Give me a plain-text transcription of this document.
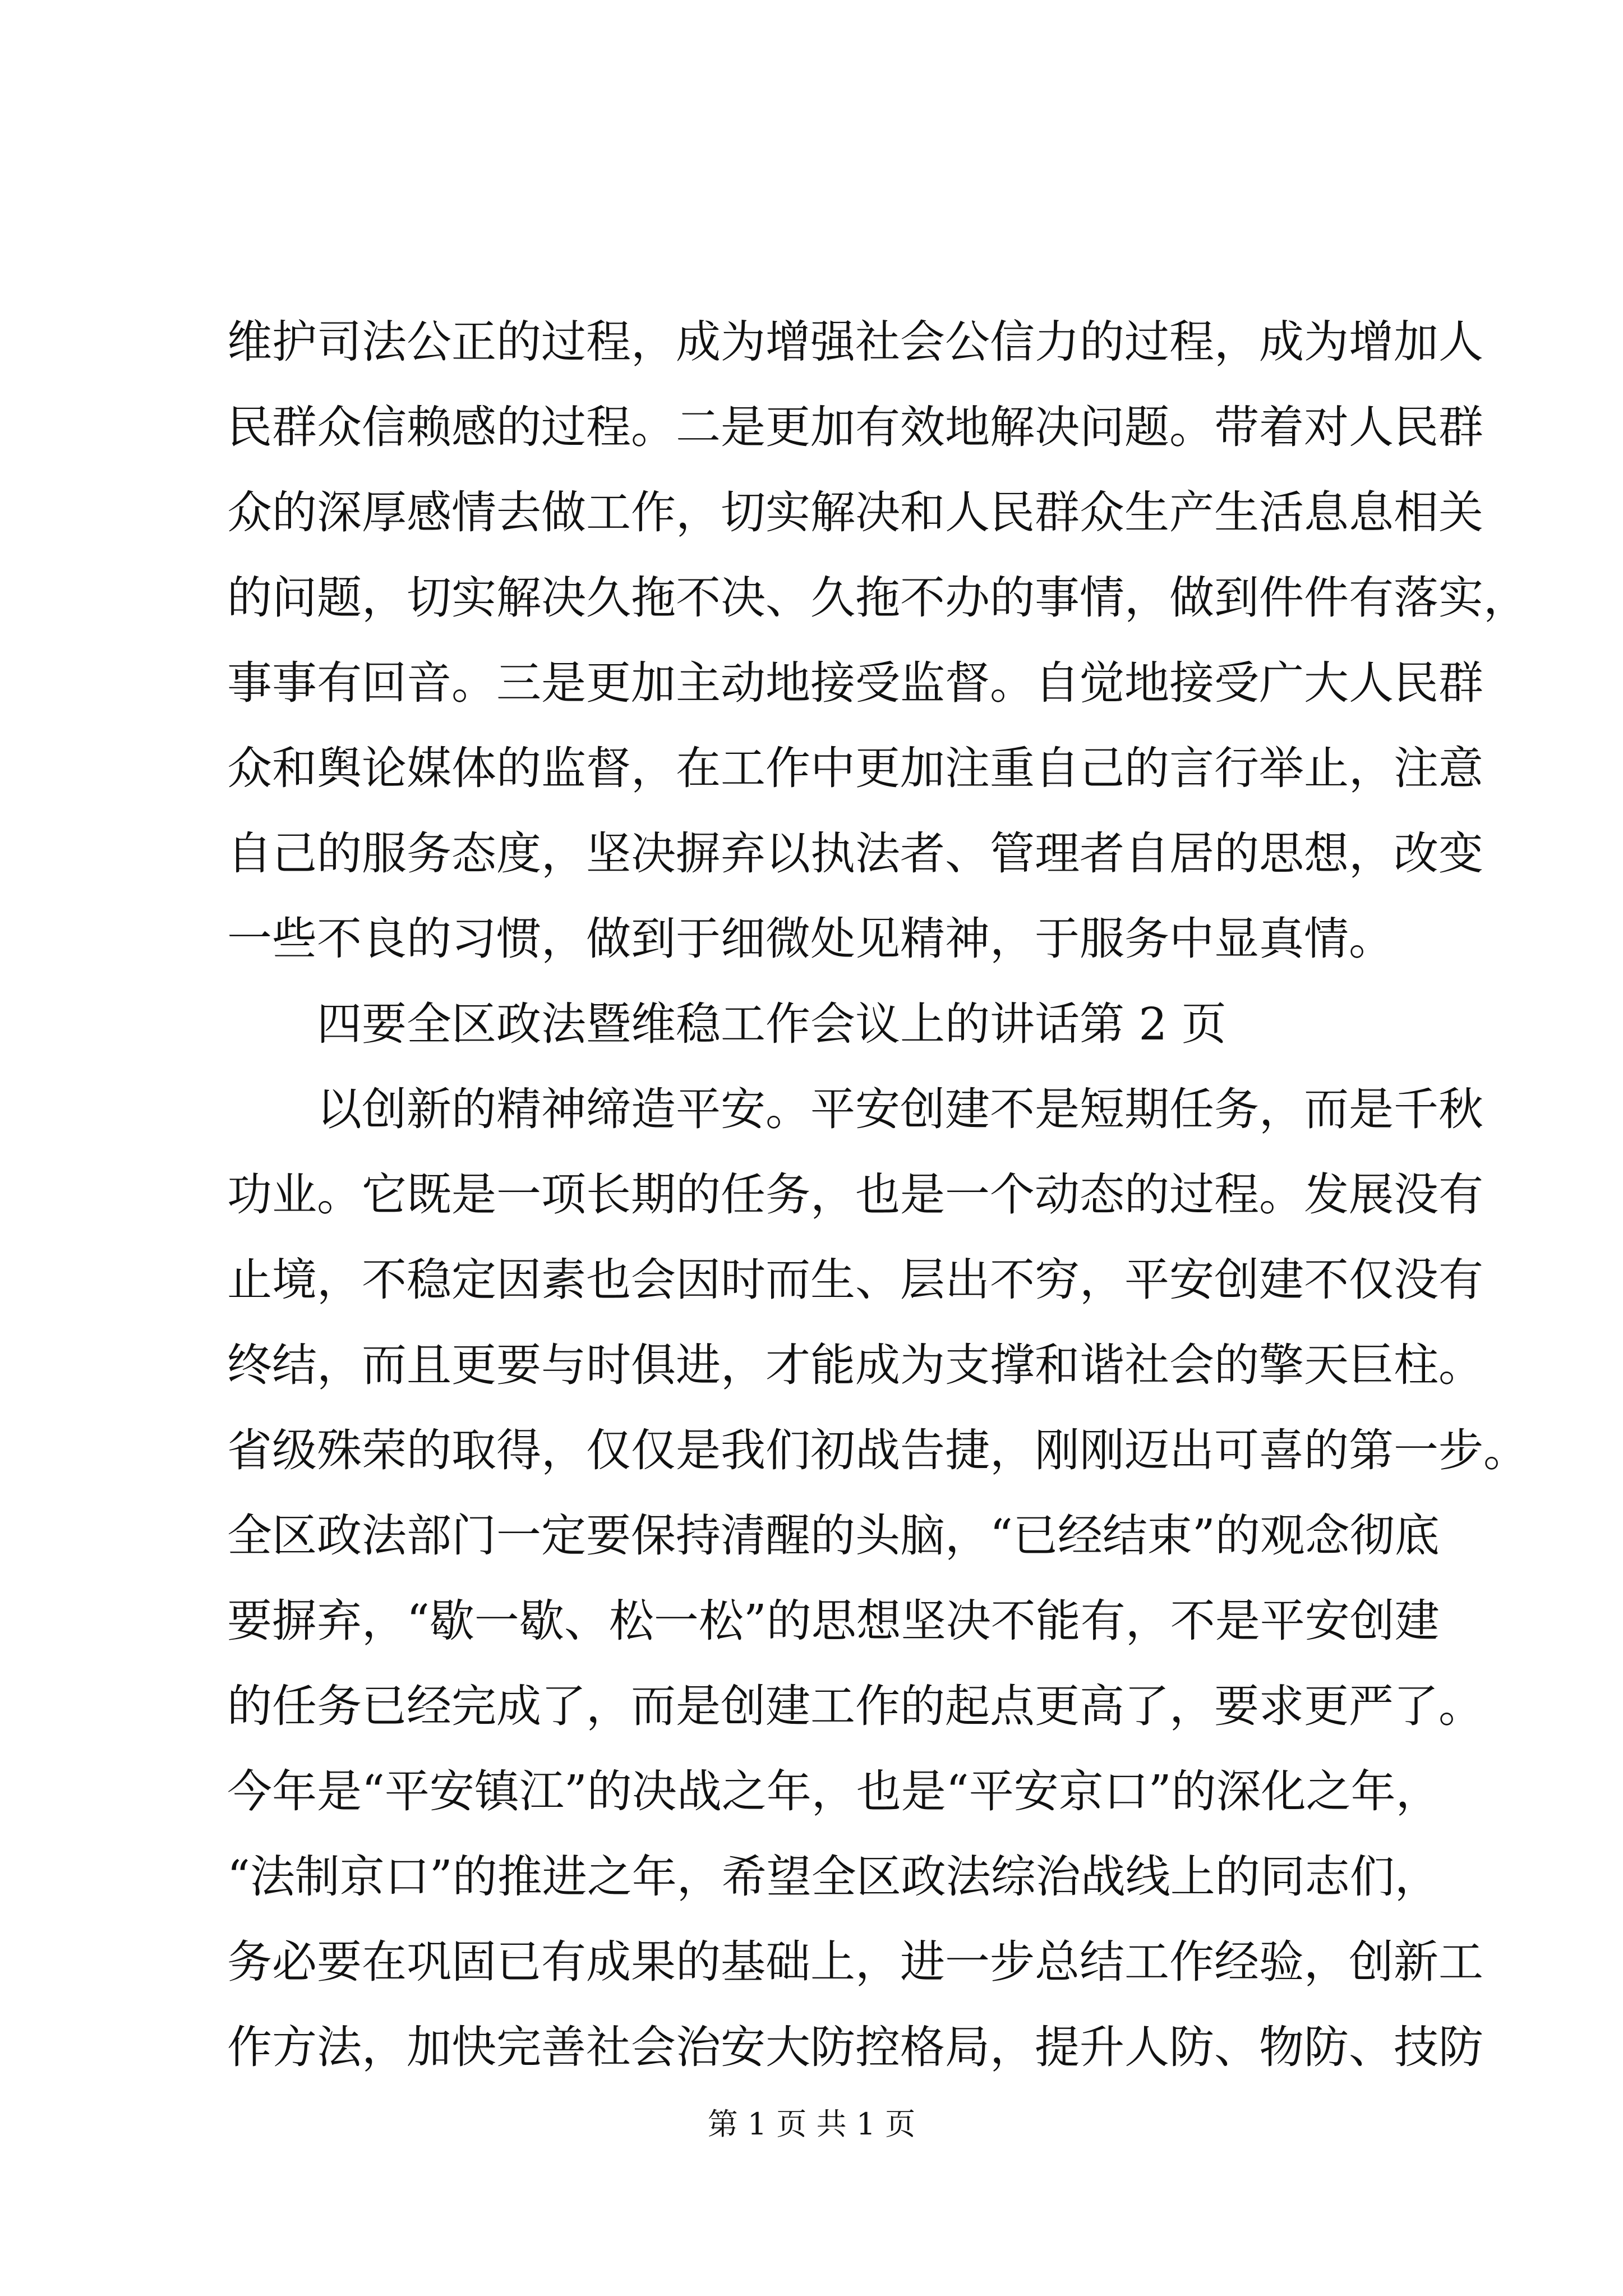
维护司法公正的过程，成为增强社会公信力的过程，成为增加人
民群众信赖感的过程。二是更加有效地解决问题。带着对人民群
众的深厚感情去做工作，切实解决和人民群众生产生活息息相关
的问题，切实解决久拖不决、久拖不办的事情，做到件件有落实，
事事有回音。三是更加主动地接受监督。自觉地接受广大人民群
众和舆论媒体的监督，在工作中更加注重自己的言行举止，注意
自己的服务态度，坚决摒弃以执法者、管理者自居的思想，改变
一些不良的习惯，做到于细微处见精神，于服务中显真情。
四要全区政法暨维稳工作会议上的讲话第 2 页
以创新的精神缔造平安。平安创建不是短期任务，而是千秋
功业。它既是一项长期的任务，也是一个动态的过程。发展没有
止境，不稳定因素也会因时而生、层出不穷，平安创建不仅没有
终结，而且更要与时俱进，才能成为支撑和谐社会的擎天巨柱。
省级殊荣的取得，仅仅是我们初战告捷，刚刚迈出可喜的第一步。
全区政法部门一定要保持清醒的头脑，“已经结束”的观念彻底
要摒弃，“歇一歇、松一松”的思想坚决不能有，不是平安创建
的任务已经完成了，而是创建工作的起点更高了，要求更严了。
今年是“平安镇江”的决战之年，也是“平安京口”的深化之年，
“法制京口”的推进之年，希望全区政法综治战线上的同志们，
务必要在巩固已有成果的基础上，进一步总结工作经验，创新工
作方法，加快完善社会治安大防控格局，提升人防、物防、技防
第 1 页 共 1 页
